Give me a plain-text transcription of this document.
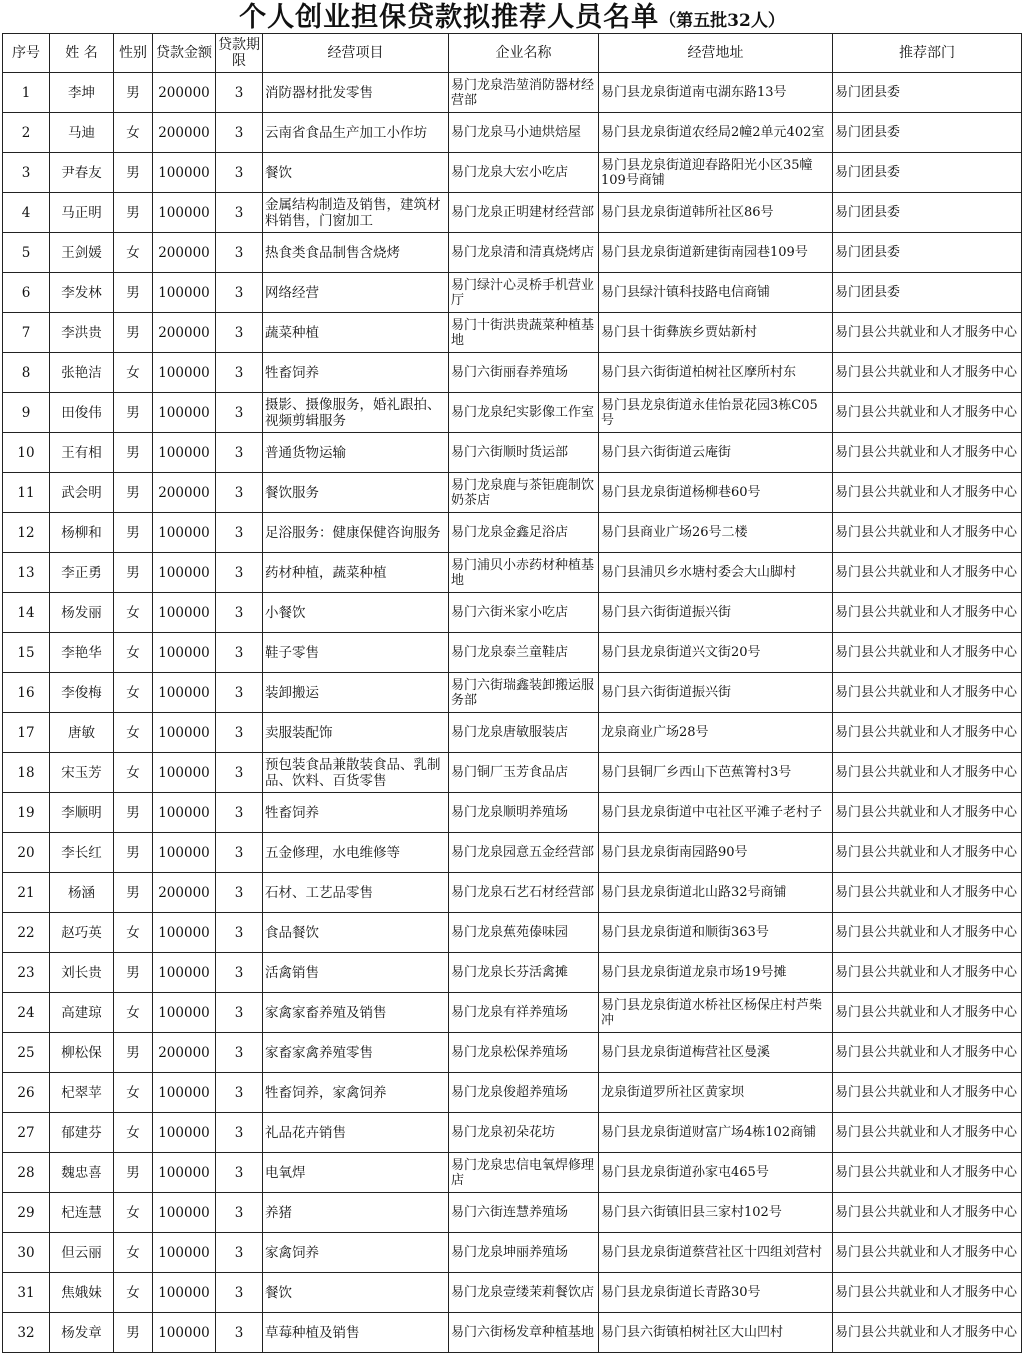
个人创业担保贷款拟推荐人员名单（第五批32人）
序号	姓 名	性别	贷款金额	贷款期限	经营项目	企业名称	经营地址	推荐部门
1	李坤	男	200000	3	消防器材批发零售	易门龙泉浩堃消防器材经营部	易门县龙泉街道南屯湖东路13号	易门团县委
2	马迪	女	200000	3	云南省食品生产加工小作坊	易门龙泉马小迪烘焙屋	易门县龙泉街道农经局2幢2单元402室	易门团县委
3	尹春友	男	100000	3	餐饮	易门龙泉大宏小吃店	易门县龙泉街道迎春路阳光小区35幢109号商铺	易门团县委
4	马正明	男	100000	3	金属结构制造及销售，建筑材料销售，门窗加工	易门龙泉正明建材经营部	易门县龙泉街道韩所社区86号	易门团县委
5	王剑媛	女	200000	3	热食类食品制售含烧烤	易门龙泉清和清真烧烤店	易门县龙泉街道新建街南园巷109号	易门团县委
6	李发林	男	100000	3	网络经营	易门绿汁心灵桥手机营业厅	易门县绿汁镇科技路电信商铺	易门团县委
7	李洪贵	男	200000	3	蔬菜种植	易门十街洪贵蔬菜种植基地	易门县十街彝族乡贾姑新村	易门县公共就业和人才服务中心
8	张艳洁	女	100000	3	牲畜饲养	易门六街丽春养殖场	易门县六街街道柏树社区摩所村东	易门县公共就业和人才服务中心
9	田俊伟	男	100000	3	摄影、摄像服务，婚礼跟拍、视频剪辑服务	易门龙泉纪实影像工作室	易门县龙泉街道永佳怡景花园3栋C05号	易门县公共就业和人才服务中心
10	王有相	男	100000	3	普通货物运输	易门六街顺时货运部	易门县六街街道云庵街	易门县公共就业和人才服务中心
11	武会明	男	200000	3	餐饮服务	易门龙泉鹿与茶钜鹿制饮奶茶店	易门县龙泉街道杨柳巷60号	易门县公共就业和人才服务中心
12	杨柳和	男	100000	3	足浴服务：健康保健咨询服务	易门龙泉金鑫足浴店	易门县商业广场26号二楼	易门县公共就业和人才服务中心
13	李正勇	男	100000	3	药材种植，蔬菜种植	易门浦贝小赤药材种植基地	易门县浦贝乡水塘村委会大山脚村	易门县公共就业和人才服务中心
14	杨发丽	女	100000	3	小餐饮	易门六街米家小吃店	易门县六街街道振兴街	易门县公共就业和人才服务中心
15	李艳华	女	100000	3	鞋子零售	易门龙泉泰兰童鞋店	易门县龙泉街道兴文街20号	易门县公共就业和人才服务中心
16	李俊梅	女	100000	3	装卸搬运	易门六街瑞鑫装卸搬运服务部	易门县六街街道振兴街	易门县公共就业和人才服务中心
17	唐敏	女	100000	3	卖服装配饰	易门龙泉唐敏服装店	龙泉商业广场28号	易门县公共就业和人才服务中心
18	宋玉芳	女	100000	3	预包装食品兼散装食品、乳制品、饮料、百货零售	易门铜厂玉芳食品店	易门县铜厂乡西山下芭蕉箐村3号	易门县公共就业和人才服务中心
19	李顺明	男	100000	3	牲畜饲养	易门龙泉顺明养殖场	易门县龙泉街道中屯社区平滩子老村子	易门县公共就业和人才服务中心
20	李长红	男	100000	3	五金修理，水电维修等	易门龙泉园意五金经营部	易门县龙泉街南园路90号	易门县公共就业和人才服务中心
21	杨涵	男	200000	3	石材、工艺品零售	易门龙泉石艺石材经营部	易门县龙泉街道北山路32号商铺	易门县公共就业和人才服务中心
22	赵巧英	女	100000	3	食品餐饮	易门龙泉蕉苑傣味园	易门县龙泉街道和顺街363号	易门县公共就业和人才服务中心
23	刘长贵	男	100000	3	活禽销售	易门龙泉长芬活禽摊	易门县龙泉街道龙泉市场19号摊	易门县公共就业和人才服务中心
24	高建琼	女	100000	3	家禽家畜养殖及销售	易门龙泉有祥养殖场	易门县龙泉街道水桥社区杨保庄村芦柴冲	易门县公共就业和人才服务中心
25	柳松保	男	200000	3	家畜家禽养殖零售	易门龙泉松保养殖场	易门县龙泉街道梅营社区曼溪	易门县公共就业和人才服务中心
26	杞翠苹	女	100000	3	牲畜饲养，家禽饲养	易门龙泉俊超养殖场	龙泉街道罗所社区黄家坝	易门县公共就业和人才服务中心
27	郁建芬	女	100000	3	礼品花卉销售	易门龙泉初朵花坊	易门县龙泉街道财富广场4栋102商铺	易门县公共就业和人才服务中心
28	魏忠喜	男	100000	3	电氧焊	易门龙泉忠信电氧焊修理店	易门县龙泉街道孙家屯465号	易门县公共就业和人才服务中心
29	杞连慧	女	100000	3	养猪	易门六街连慧养殖场	易门县六街镇旧县三家村102号	易门县公共就业和人才服务中心
30	但云丽	女	100000	3	家禽饲养	易门龙泉坤丽养殖场	易门县龙泉街道蔡营社区十四组刘营村	易门县公共就业和人才服务中心
31	焦娥妹	女	100000	3	餐饮	易门龙泉壹缕茉莉餐饮店	易门县龙泉街道长青路30号	易门县公共就业和人才服务中心
32	杨发章	男	100000	3	草莓种植及销售	易门六街杨发章种植基地	易门县六街镇柏树社区大山凹村	易门县公共就业和人才服务中心
